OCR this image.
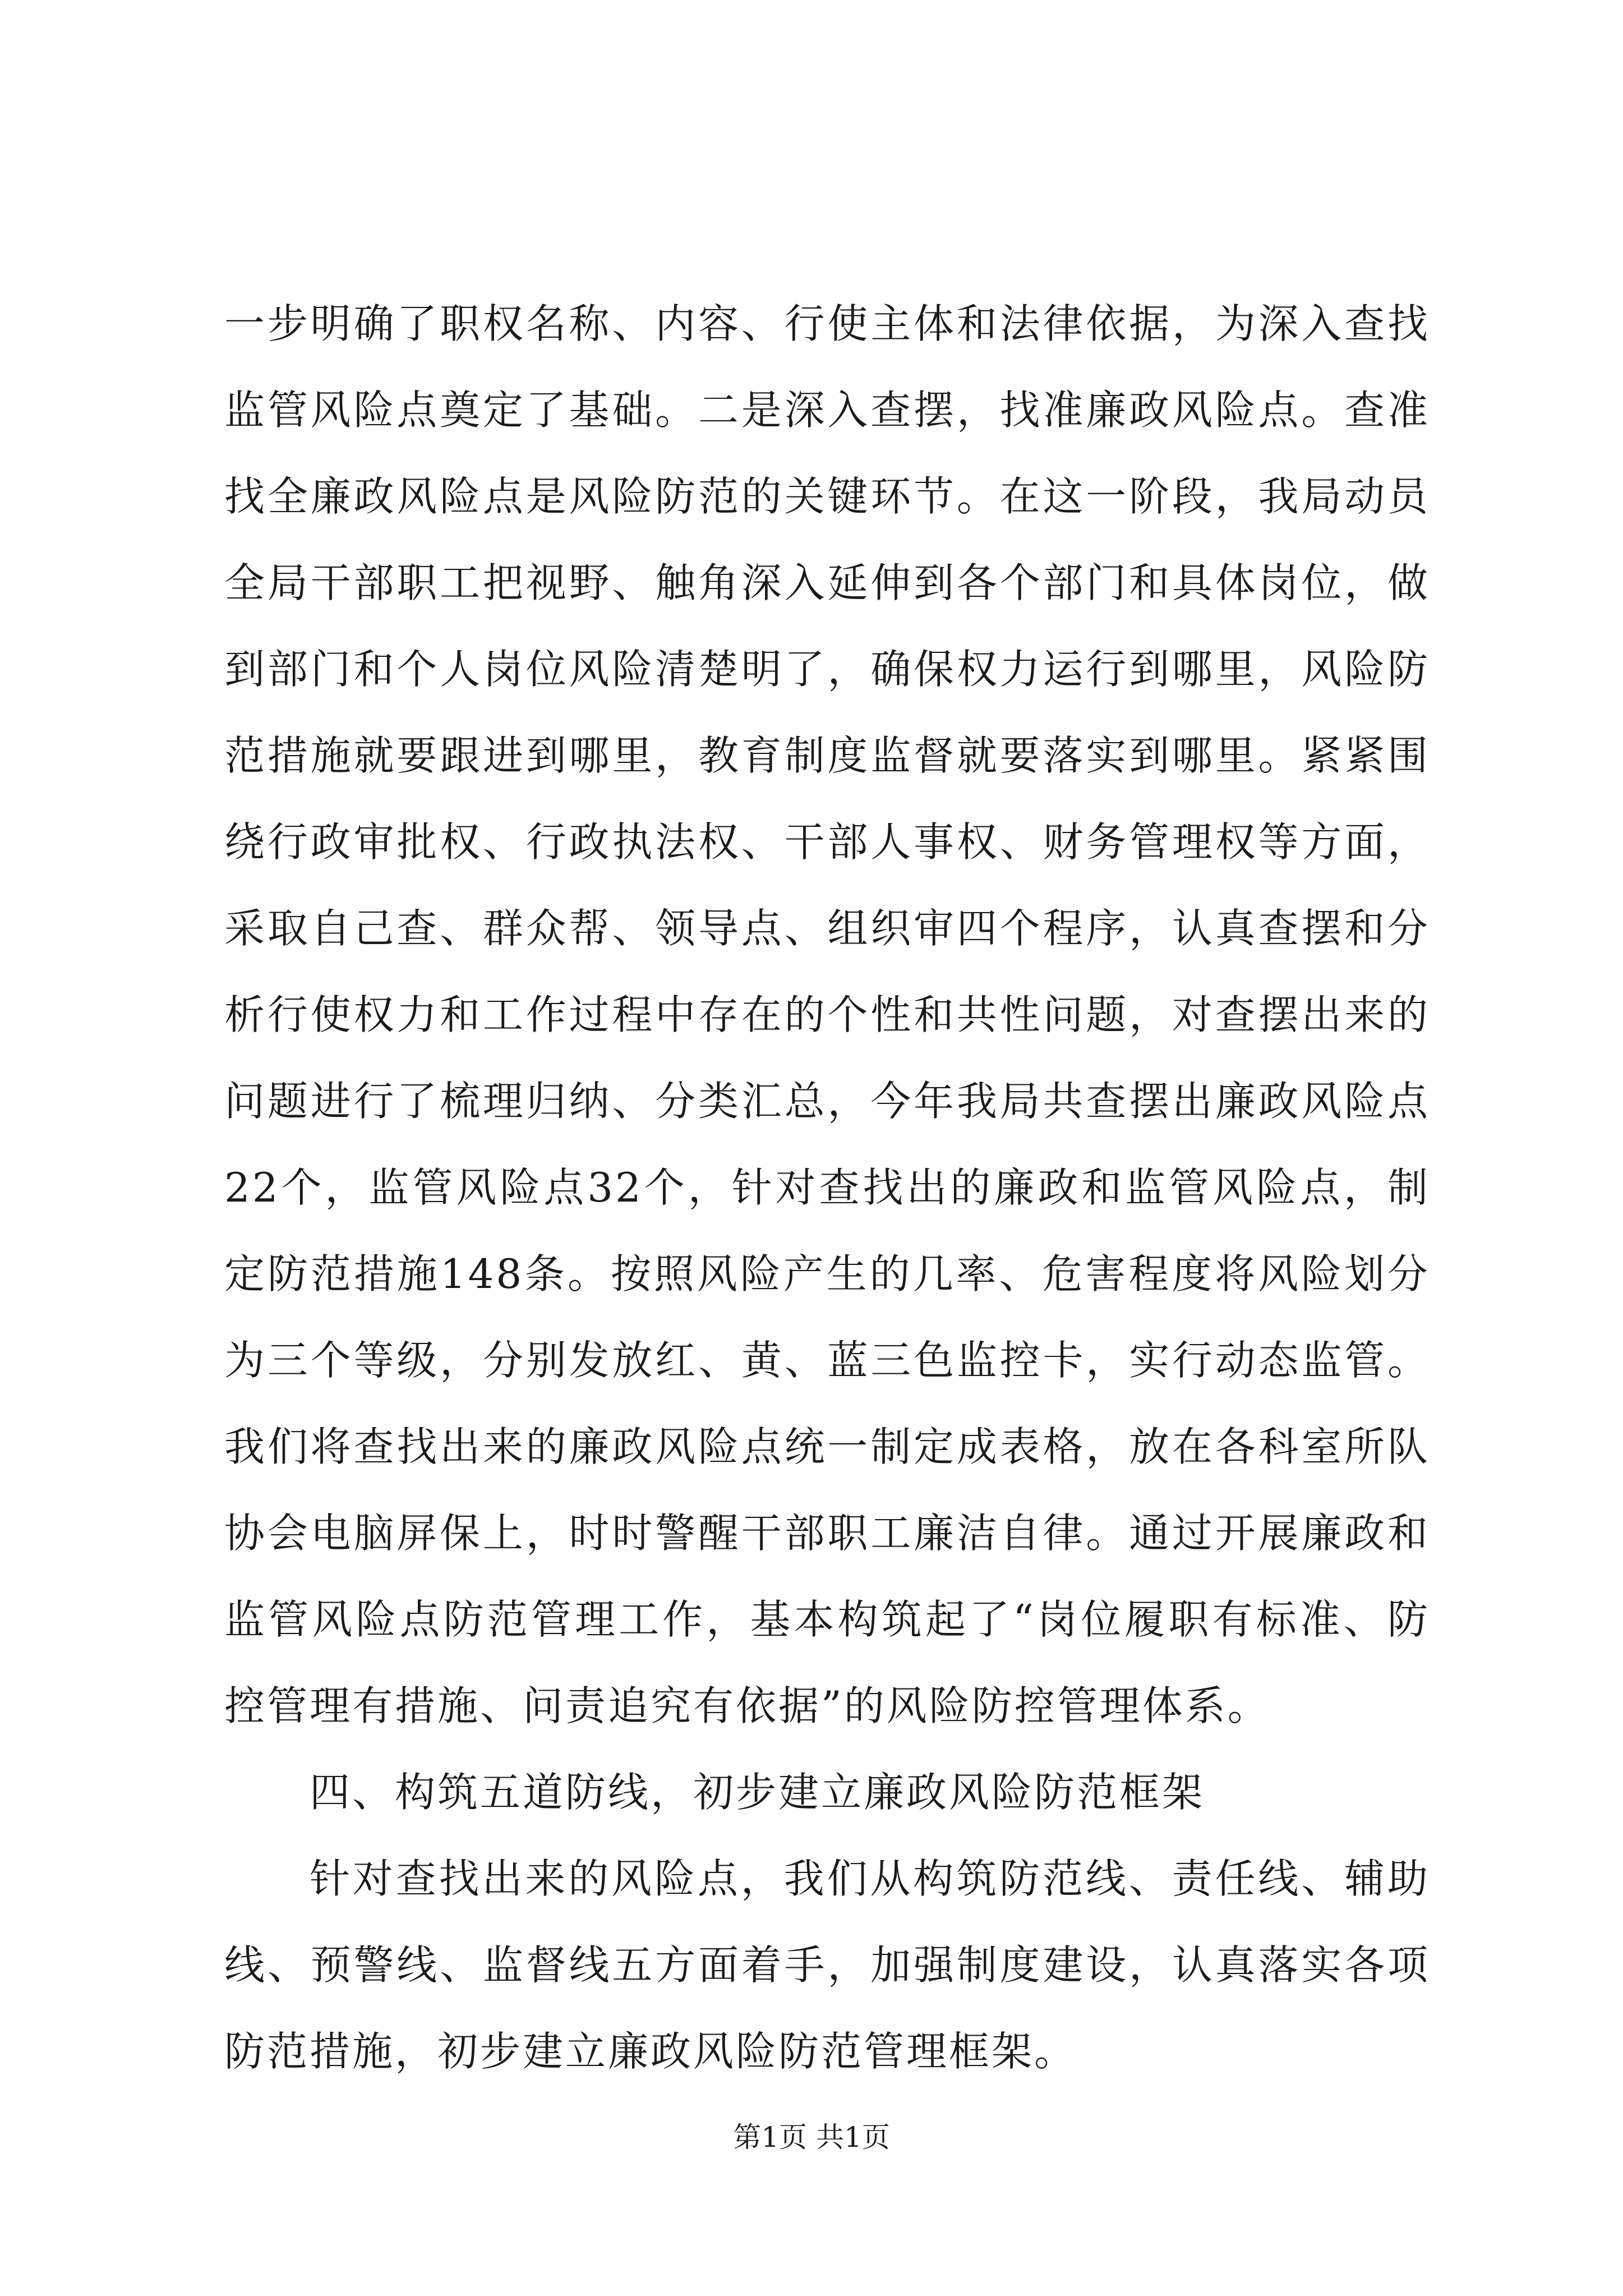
一步明确了职权名称、内容、行使主体和法律依据，为深入查找
监管风险点奠定了基础。二是深入查摆，找准廉政风险点。查准
找全廉政风险点是风险防范的关键环节。在这一阶段，我局动员
全局干部职工把视野、触角深入延伸到各个部门和具体岗位，做
到部门和个人岗位风险清楚明了，确保权力运行到哪里，风险防
范措施就要跟进到哪里，教育制度监督就要落实到哪里。紧紧围
绕行政审批权、行政执法权、干部人事权、财务管理权等方面，
采取自己查、群众帮、领导点、组织审四个程序，认真查摆和分
析行使权力和工作过程中存在的个性和共性问题，对查摆出来的
问题进行了梳理归纳、分类汇总，今年我局共查摆出廉政风险点
22个，监管风险点32个，针对查找出的廉政和监管风险点，制
定防范措施148条。按照风险产生的几率、危害程度将风险划分
为三个等级，分别发放红、黄、蓝三色监控卡，实行动态监管。
我们将查找出来的廉政风险点统一制定成表格，放在各科室所队
协会电脑屏保上，时时警醒干部职工廉洁自律。通过开展廉政和
监管风险点防范管理工作，基本构筑起了“岗位履职有标准、防
控管理有措施、问责追究有依据”的风险防控管理体系。
四、构筑五道防线，初步建立廉政风险防范框架
针对查找出来的风险点，我们从构筑防范线、责任线、辅助
线、预警线、监督线五方面着手，加强制度建设，认真落实各项
防范措施，初步建立廉政风险防范管理框架。
第1页 共1页
